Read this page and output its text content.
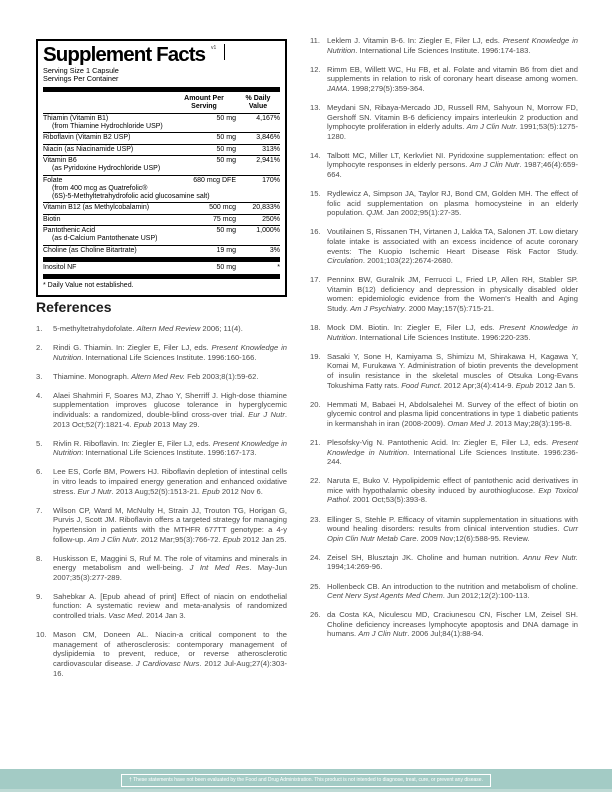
Supplement Facts v1
Serving Size 1 Capsule
Servings Per Container
Amount Per
Serving
% Daily
Value
Thiamin (Vitamin B1)	50 mg	4,167%
(from Thiamine Hydrochloride USP)
Riboflavin (Vitamin B2 USP)	50 mg	3,846%
Niacin (as Niacinamide USP)	50 mg	313%
Vitamin B6	50 mg	2,941%
(as Pyridoxine Hydrochloride USP)
Folate	680 mcg DFE	170%
(from 400 mcg as Quatrefolic®
(6S)-5-Methyltetrahydrofolic acid glucosamine salt)
Vitamin B12 (as Methylcobalamin)	500 mcg	20,833%
Biotin	75 mcg	250%
Pantothenic Acid	50 mg	1,000%
(as d-Calcium Pantothenate USP)
Choline (as Choline Bitartrate)	19 mg	3%
Inositol NF	50 mg	*
* Daily Value not established.
References
1.	5-methyltetrahydofolate. Altern Med Review 2006; 11(4).
2.	Rindi G. Thiamin. In: Ziegler E, Filer LJ, eds. Present Knowledge in Nutrition. International Life Sciences Institute. 1996:160-166.
3.	Thiamine. Monograph. Altern Med Rev. Feb 2003;8(1):59-62.
4.	Alaei Shahmiri F, Soares MJ, Zhao Y, Sherriff J. High-dose thiamine supplementation improves glucose tolerance in hyperglycemic individuals: a randomized, double-blind cross-over trial. Eur J Nutr. 2013 Oct;52(7):1821-4. Epub 2013 May 29.
5.	Rivlin R. Riboflavin. In: Ziegler E, Filer LJ, eds. Present Knowledge in Nutrition: International Life Sciences Institute. 1996:167-173.
6.	Lee ES, Corfe BM, Powers HJ. Riboflavin depletion of intestinal cells in vitro leads to impaired energy generation and enhanced oxidative stress. Eur J Nutr. 2013 Aug;52(5):1513-21. Epub 2012 Nov 6.
7.	Wilson CP, Ward M, McNulty H, Strain JJ, Trouton TG, Horigan G, Purvis J, Scott JM. Riboflavin offers a targeted strategy for managing hypertension in patients with the MTHFR 677TT genotype: a 4-y follow-up. Am J Clin Nutr. 2012 Mar;95(3):766-72. Epub 2012 Jan 25.
8.	Huskisson E, Maggini S, Ruf M. The role of vitamins and minerals in energy metabolism and well-being. J Int Med Res. May-Jun 2007;35(3):277-289.
9.	Sahebkar A. [Epub ahead of print] Effect of niacin on endothelial function: A systematic review and meta-analysis of randomized controlled trials. Vasc Med. 2014 Jan 3.
10. Mason CM, Doneen AL. Niacin-a critical component to the management of atherosclerosis: contemporary management of dyslipidemia to prevent, reduce, or reverse atherosclerotic cardiovascular disease. J Cardiovasc Nurs. 2012 Jul-Aug;27(4):303-16.
11. Leklem J. Vitamin B-6. In: Ziegler E, Filer LJ, eds. Present Knowledge in Nutrition. International Life Sciences Institute. 1996:174-183.
12. Rimm EB, Willett WC, Hu FB, et al. Folate and vitamin B6 from diet and supplements in relation to risk of coronary heart disease among women. JAMA. 1998;279(5):359-364.
13. Meydani SN, Ribaya-Mercado JD, Russell RM, Sahyoun N, Morrow FD, Gershoff SN. Vitamin B-6 deficiency impairs interleukin 2 production and lymphocyte proliferation in elderly adults. Am J Clin Nutr. 1991;53(5):1275-1280.
14. Talbott MC, Miller LT, Kerkvliet NI. Pyridoxine supplementation: effect on lymphocyte responses in elderly persons. Am J Clin Nutr. 1987;46(4):659-664.
15. Rydlewicz A, Simpson JA, Taylor RJ, Bond CM, Golden MH. The effect of folic acid supplementation on plasma homocysteine in an elderly population. QJM. Jan 2002;95(1):27-35.
16. Voutilainen S, Rissanen TH, Virtanen J, Lakka TA, Salonen JT. Low dietary folate intake is associated with an excess incidence of acute coronary events: The Kuopio Ischemic Heart Disease Risk Factor Study. Circulation. 2001;103(22):2674-2680.
17. Penninx BW, Guralnik JM, Ferrucci L, Fried LP, Allen RH, Stabler SP. Vitamin B(12) deficiency and depression in physically disabled older women: epidemiologic evidence from the Women's Health and Aging Study. Am J Psychiatry. 2000 May;157(5):715-21.
18. Mock DM. Biotin. In: Ziegler E, Filer LJ, eds. Present Knowledge in Nutrition. International Life Sciences Institute. 1996:220-235.
19. Sasaki Y, Sone H, Kamiyama S, Shimizu M, Shirakawa H, Kagawa Y, Komai M, Furukawa Y. Administration of biotin prevents the development of insulin resistance in the skeletal muscles of Otsuka Long-Evans Tokushima Fatty rats. Food Funct. 2012 Apr;3(4):414-9. Epub 2012 Jan 5.
20. Hemmati M, Babaei H, Abdolsalehei M. Survey of the effect of biotin on glycemic control and plasma lipid concentrations in type 1 diabetic patients in kermanshah in iran (2008-2009). Oman Med J. 2013 May;28(3):195-8.
21. Plesofsky-Vig N. Pantothenic Acid. In: Ziegler E, Filer LJ, eds. Present Knowledge in Nutrition. International Life Sciences Institute. 1996:236-244.
22. Naruta E, Buko V. Hypolipidemic effect of pantothenic acid derivatives in mice with hypothalamic obesity induced by aurothioglucose. Exp Toxicol Pathol. 2001 Oct;53(5):393-8.
23. Ellinger S, Stehle P. Efficacy of vitamin supplementation in situations with wound healing disorders: results from clinical intervention studies. Curr Opin Clin Nutr Metab Care. 2009 Nov;12(6):588-95. Review.
24. Zeisel SH, Blusztajn JK. Choline and human nutrition. Annu Rev Nutr. 1994;14:269-96.
25. Hollenbeck CB. An introduction to the nutrition and metabolism of choline. Cent Nerv Syst Agents Med Chem. Jun 2012;12(2):100-113.
26. da Costa KA, Niculescu MD, Craciunescu CN, Fischer LM, Zeisel SH. Choline deficiency increases lymphocyte apoptosis and DNA damage in humans. Am J Clin Nutr. 2006 Jul;84(1):88-94.
† These statements have not been evaluated by the Food and Drug Administration. This product is not intended to diagnose, treat, cure, or prevent any disease.
